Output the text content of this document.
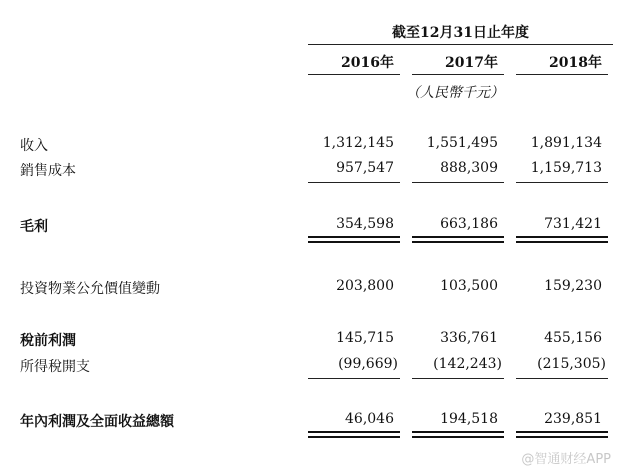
截至12月31日止年度
2016年	2017年	2018年
（人民幣千元）
收入	1,312,145	1,551,495	1,891,134
銷售成本	957,547	888,309	1,159,713
毛利	354,598	663,186	731,421
投資物業公允價值變動	203,800	103,500	159,230
稅前利潤	145,715	336,761	455,156
所得稅開支	(99,669)	(142,243)	(215,305)
年內利潤及全面收益總額	46,046	194,518	239,851
@智通财经APP
